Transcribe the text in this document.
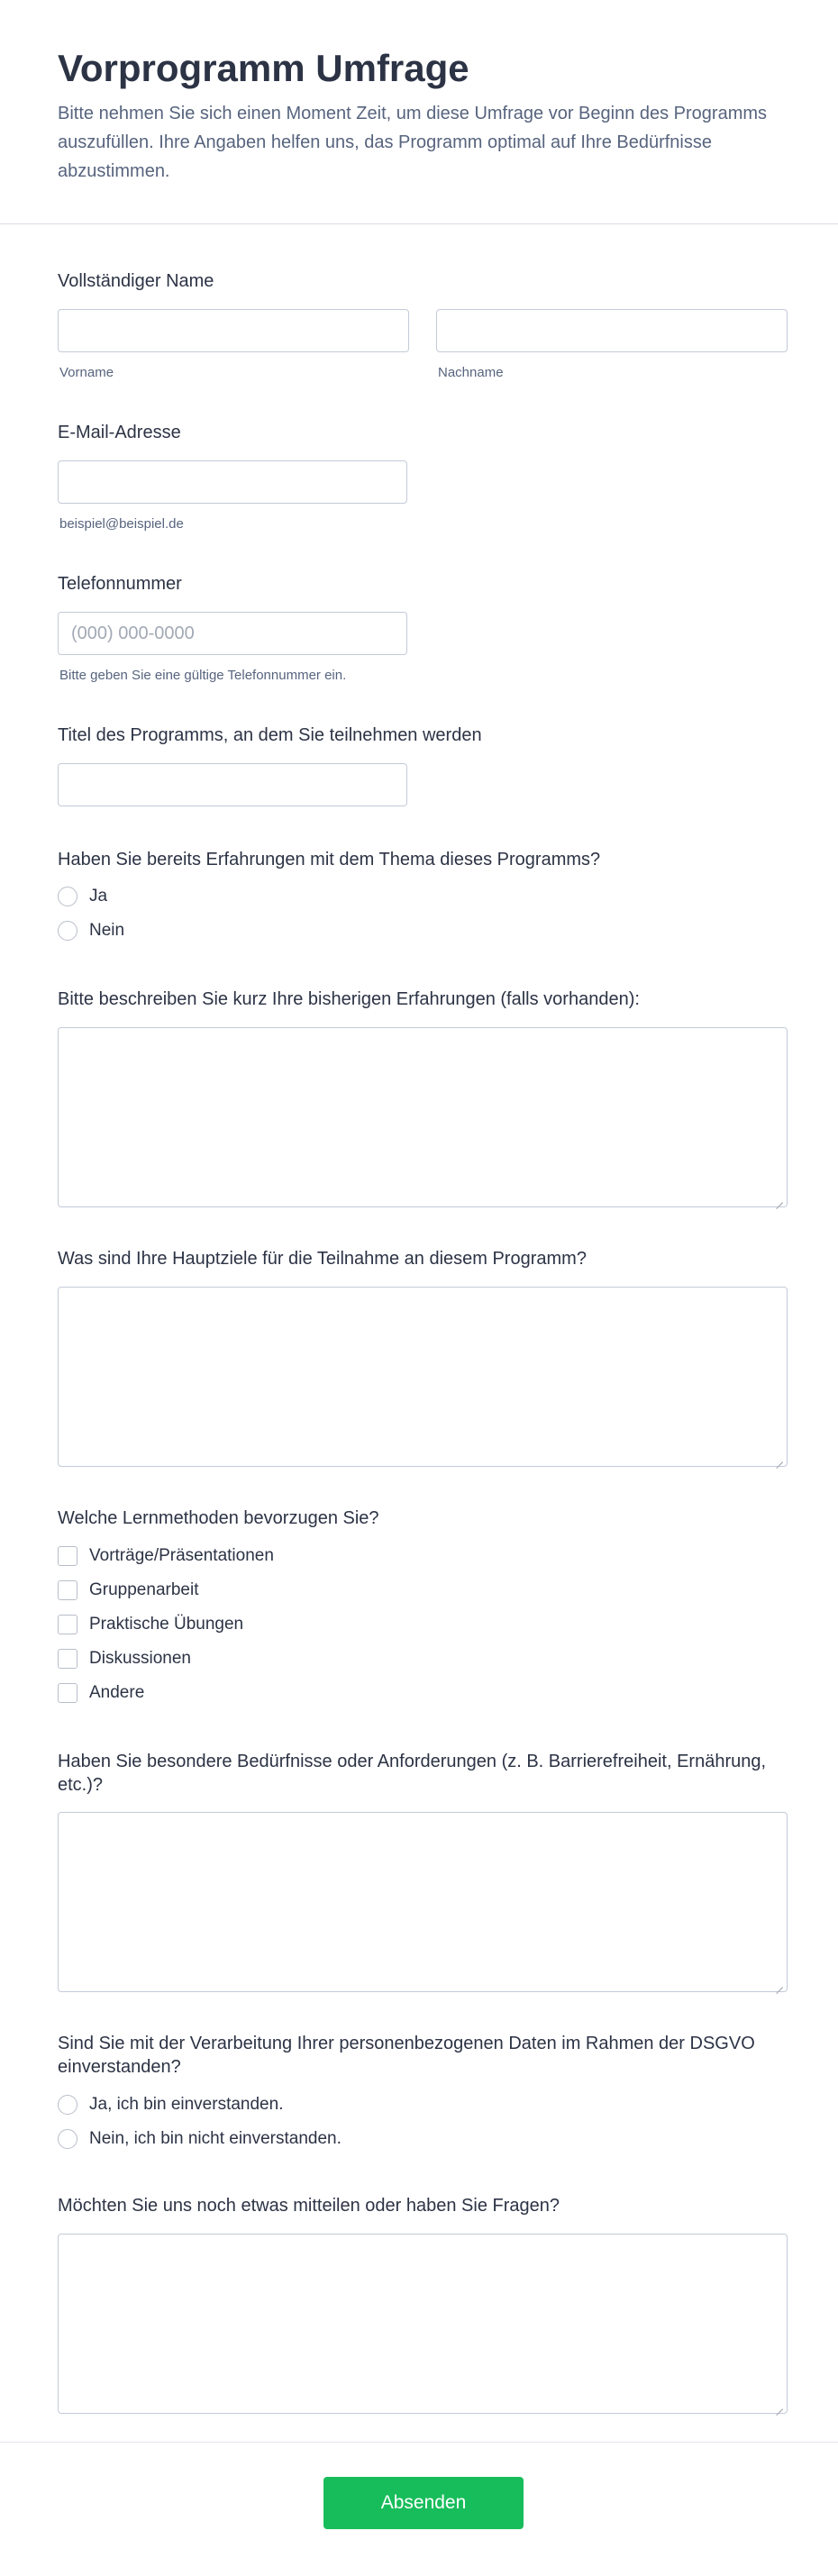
Vorprogramm Umfrage

Bitte nehmen Sie sich einen Moment Zeit, um diese Umfrage vor Beginn des Programms auszufüllen. Ihre Angaben helfen uns, das Programm optimal auf Ihre Bedürfnisse abzustimmen.

Vollständiger Name
Vorname	Nachname
E-Mail-Adresse
beispiel@beispiel.de
Telefonnummer
(000) 000-0000
Bitte geben Sie eine gültige Telefonnummer ein.
Titel des Programms, an dem Sie teilnehmen werden
Haben Sie bereits Erfahrungen mit dem Thema dieses Programms?
Ja
Nein
Bitte beschreiben Sie kurz Ihre bisherigen Erfahrungen (falls vorhanden):
Was sind Ihre Hauptziele für die Teilnahme an diesem Programm?
Welche Lernmethoden bevorzugen Sie?
Vorträge/Präsentationen
Gruppenarbeit
Praktische Übungen
Diskussionen
Andere
Haben Sie besondere Bedürfnisse oder Anforderungen (z. B. Barrierefreiheit, Ernährung, etc.)?
Sind Sie mit der Verarbeitung Ihrer personenbezogenen Daten im Rahmen der DSGVO einverstanden?
Ja, ich bin einverstanden.
Nein, ich bin nicht einverstanden.
Möchten Sie uns noch etwas mitteilen oder haben Sie Fragen?
Absenden
